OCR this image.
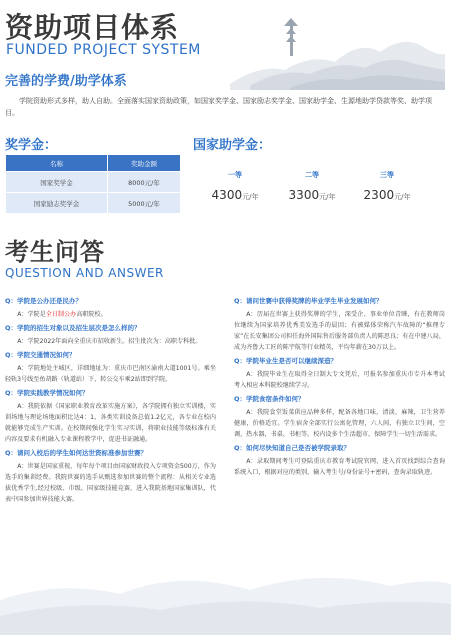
资助项目体系
FUNDED PROJECT SYSTEM
完善的学费/助学体系
学院资助形式多样，助人自助。全面落实国家资助政策，如国家奖学金、国家励志奖学金、国家助学金、生源地助学贷款等奖、助学项目。
奖学金：
名称	奖助金额
国家奖学金	8000元/年
国家励志奖学金	5000元/年
国家助学金：
一等
4300元/年
二等
3300元/年
三等
2300元/年
考生问答
QUESTION AND ANSWER
Q：学院是公办还是民办？
A：学院是全日制公办高职院校。
Q：学院的招生对象以及招生层次是怎么样的？
A：学院2022年面向全重庆市招收新生。招生批次为：高职专科批。
Q：学院交通情况如何？
A：学院地处主城区，详细地址为：重庆市巴南区渝南大道1001号。乘坐轻轨3号线至鱼胡路（轨道站）下，转公交车乘2站即到学院。
Q：学院实践教学情况如何？
A：我院依据《国家职业教育改革实施方案》，各学院拥有独立实训楼，实训场地与理论场地面积比达4：1，各类实训设备总值1.2亿元，各专业在校内就能够完成生产实训。在校期间强化学生实习实训，将职业技能等级标准有关内容及要求有机融入专业课程教学中，促进书证融通。
Q：请问入校后的学生如何达世资标准参加世赛？
A：世赛是国家重视，每年每个项目由国家财政投入专项资金500万，作为选手的集训经费。我院世赛的选手从甄选参加世赛的整个流程：从相关专业选拔优秀学生,经过校级、市级、国家级技能竞赛，进入我院基地国家集训队，代表中国参加世界技能大赛。
Q：请问世赛中获得奖牌的毕业学生毕业发展如何？
A：历届在世赛上获得奖牌的学生，深受企、事业单位青睐，有在教师岗位继续为国家培养优秀美发选手的晨因；有被媒体荣称汽车故障的“推理专家”在长安集团公司担任海外国际售后服务部负责人的陈思良；有在中建八局，成为齐鲁大工匠的陈宇航等行业精英，平均年薪在30万以上。
Q：学院毕业生是否可以继续深造？
A：我院毕业生在取得全日制大专文凭后，可报名参加重庆市专升本考试考入相应本科院校继续学习。
Q：学院食宿条件如何？
A：我院食堂饭菜供应品种多样，配备各地口味，清淡，麻辣，卫生营养健康，价格适宜。学生宿舍全部实行公寓化管理，六人间，有独立卫生间，空调，热水器，书桌、书柜等。校内设多个生活超市，保障学生一切生活需求。
Q：如何尽快知道自己是否被学院录取？
A：录取期间考生可登陆重庆市教育考试院官网，进入首页找到综合查询系统入口，根据对应的类别，输入考生号/身份证号+密码，查询录取轨迹。
